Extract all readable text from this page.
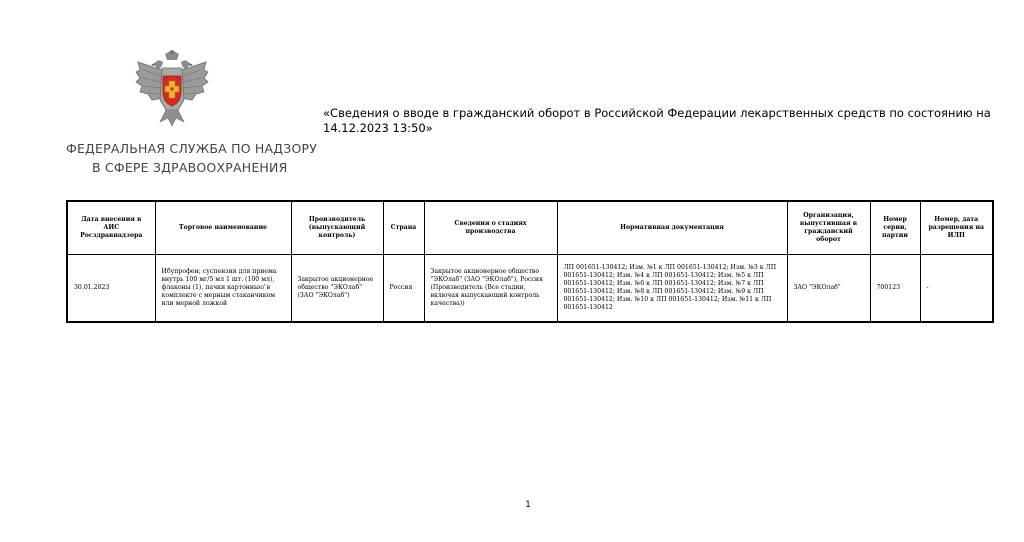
ФЕДЕРАЛЬНАЯ СЛУЖБА ПО НАДЗОРУ
В СФЕРЕ ЗДРАВООХРАНЕНИЯ
«Сведения о вводе в гражданский оборот в Российской Федерации лекарственных средств по состоянию на 14.12.2023 13:50»
Дата внесения в АИС Росздравнадзора	Торговое наименование	Производитель (выпускающий контроль)	Страна	Сведения о стадиях производства	Нормативная документация	Организация, выпустившая в гражданский оборот	Номер серии, партии	Номер, дата разрешения на ИЛП
30.01.2023	Ибупрофен; суспензия для приема внутрь 100 мг/5 мл 1 шт. (100 мл), флаконы (1), пачки картонные/ в комплекте с мерным стаканчиком или мерной ложкой	Закрытое акционерное общество "ЭКОлаб" (ЗАО "ЭКОлаб")	Россия	Закрытое акционерное общество "ЭКОлаб" (ЗАО "ЭКОлаб"), Россия (Производитель (Все стадии, включая выпускающий контроль качества))	ЛП 001651-130412; Изм. №1 к ЛП 001651-130412; Изм. №3 к ЛП 001651-130412; Изм. №4 к ЛП 001651-130412; Изм. №5 к ЛП 001651-130412; Изм. №6 к ЛП 001651-130412; Изм. №7 к ЛП 001651-130412; Изм. №8 к ЛП 001651-130412; Изм. №9 к ЛП 001651-130412; Изм. №10 к ЛП 001651-130412; Изм. №11 к ЛП 001651-130412	ЗАО "ЭКОлаб"	700123	-
1
